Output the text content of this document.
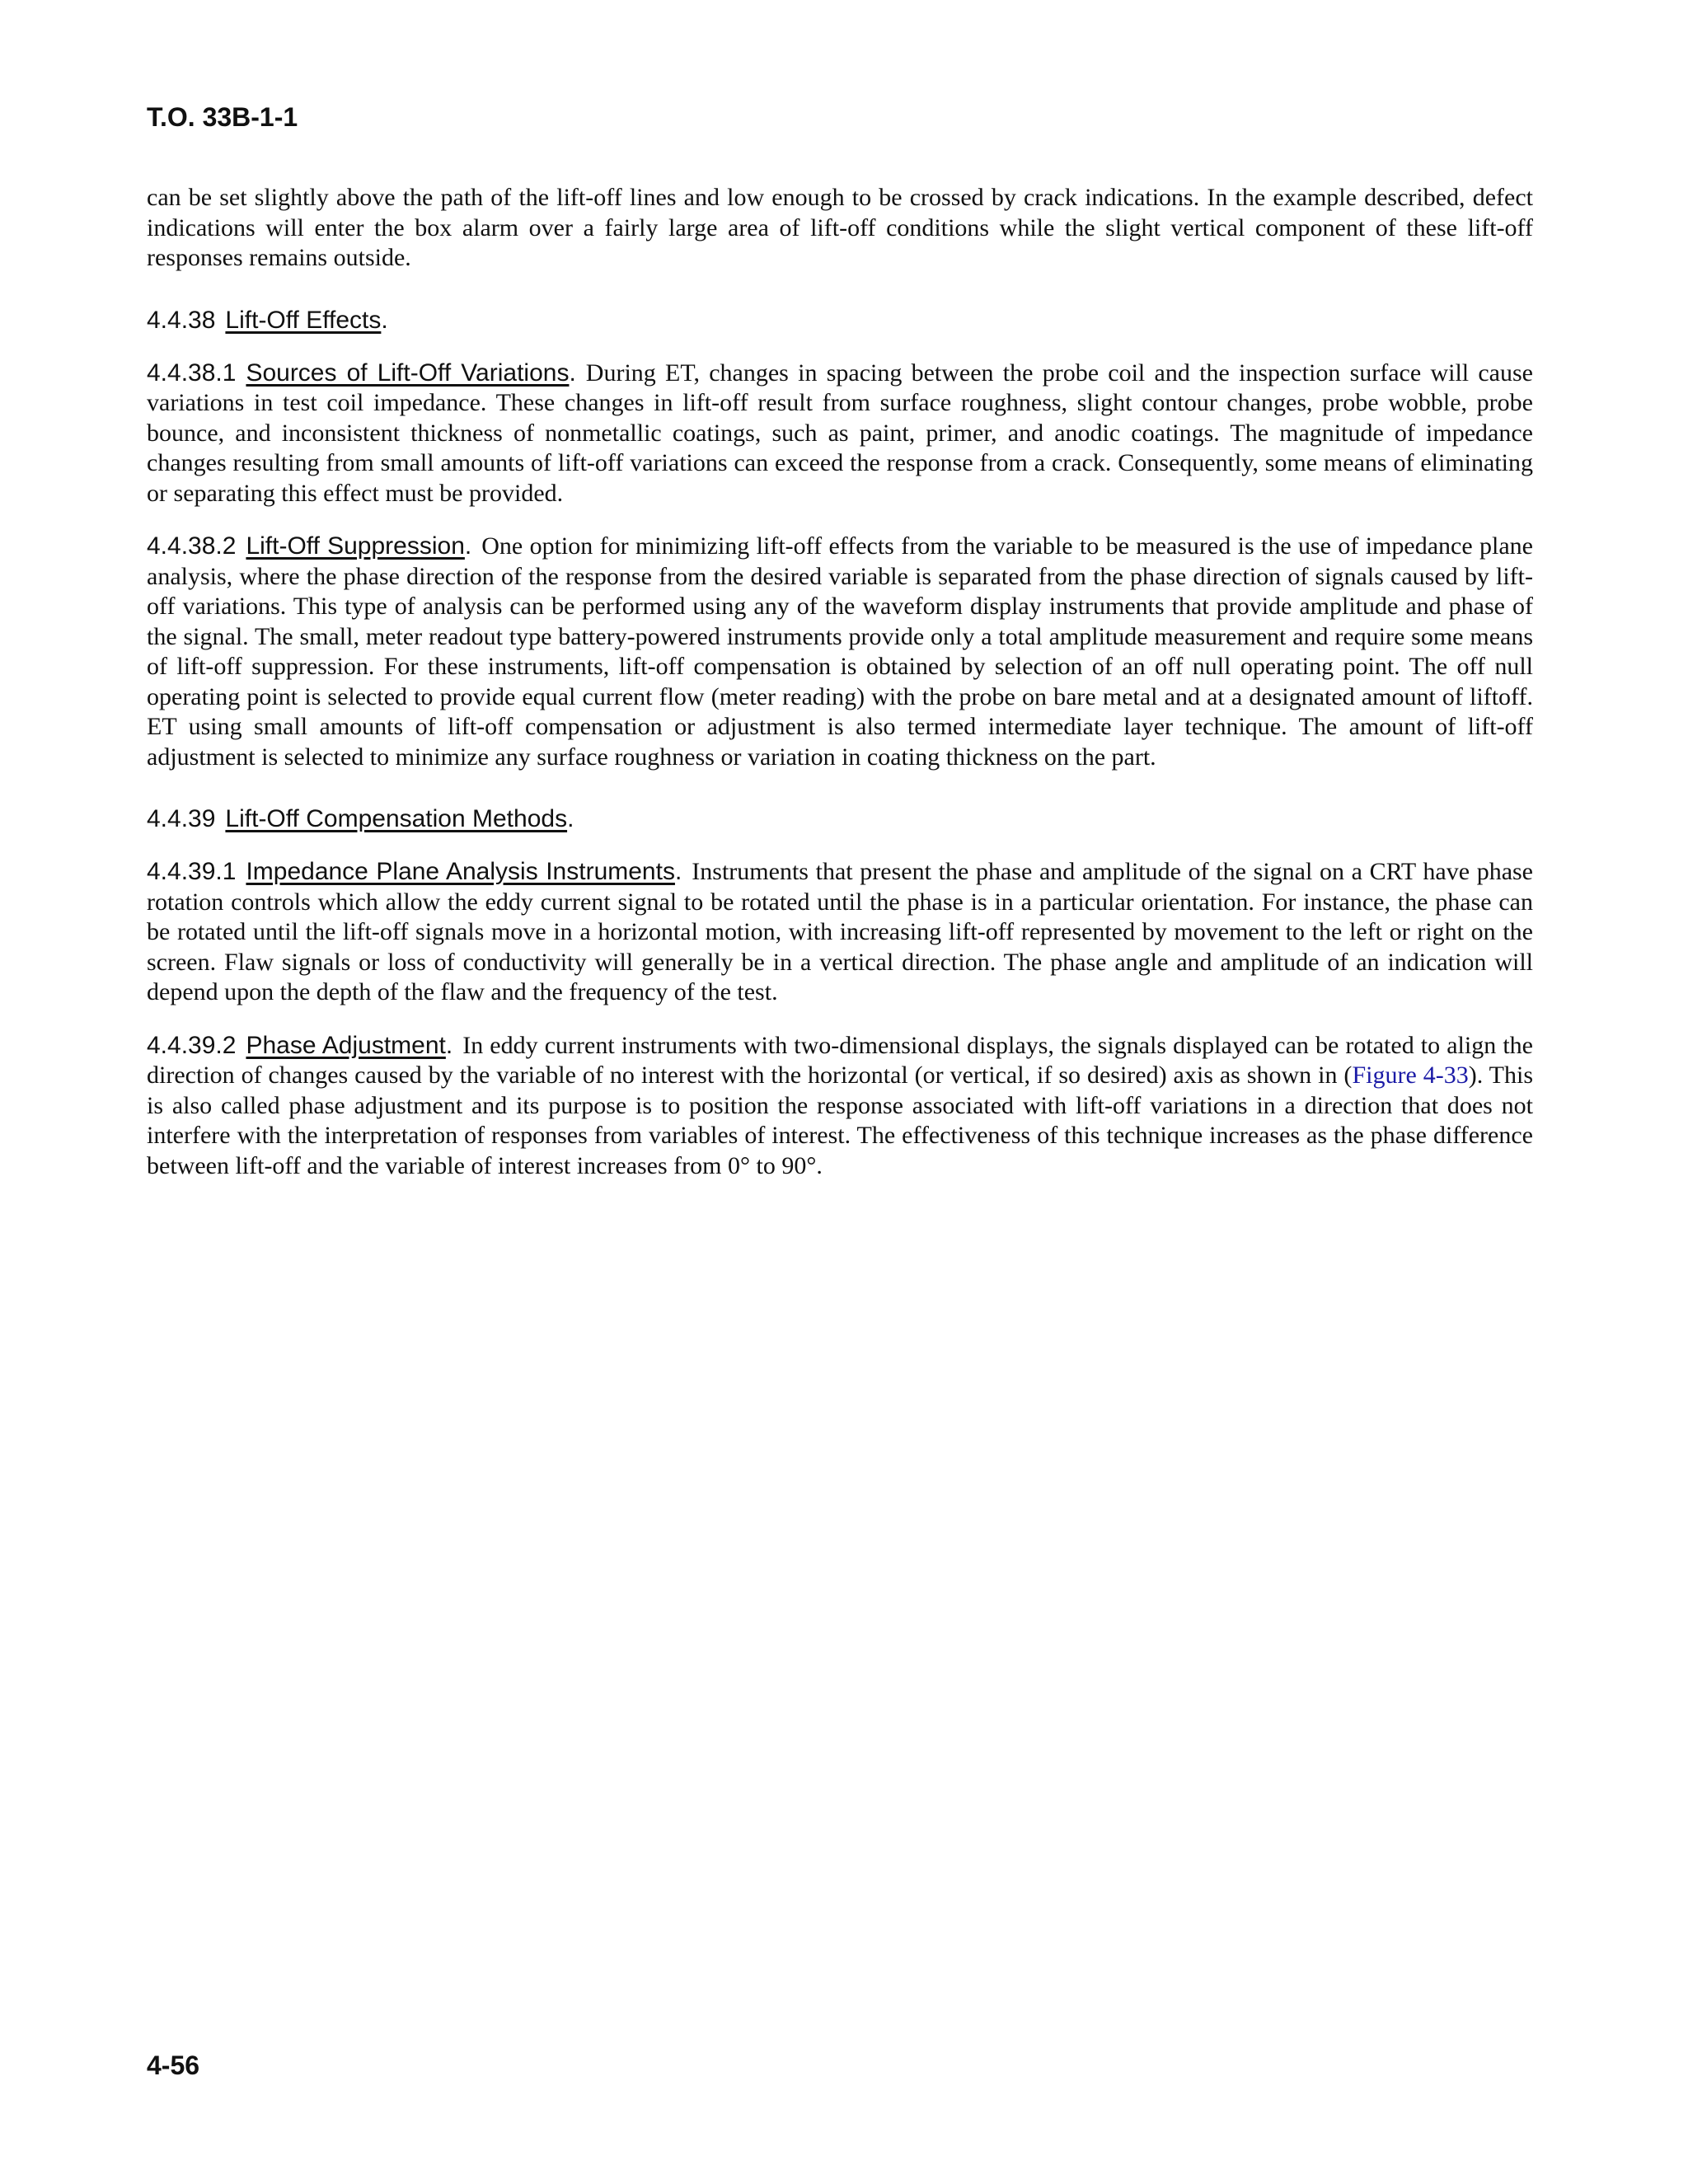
T.O. 33B-1-1

can be set slightly above the path of the lift-off lines and low enough to be crossed by crack indications. In the example described, defect indications will enter the box alarm over a fairly large area of lift-off conditions while the slight vertical component of these lift-off responses remains outside.

4.4.38 Lift-Off Effects.

4.4.38.1 Sources of Lift-Off Variations. During ET, changes in spacing between the probe coil and the inspection surface will cause variations in test coil impedance. These changes in lift-off result from surface roughness, slight contour changes, probe wobble, probe bounce, and inconsistent thickness of nonmetallic coatings, such as paint, primer, and anodic coatings. The magnitude of impedance changes resulting from small amounts of lift-off variations can exceed the response from a crack. Consequently, some means of eliminating or separating this effect must be provided.

4.4.38.2 Lift-Off Suppression. One option for minimizing lift-off effects from the variable to be measured is the use of impedance plane analysis, where the phase direction of the response from the desired variable is separated from the phase direction of signals caused by lift-off variations. This type of analysis can be performed using any of the waveform display instruments that provide amplitude and phase of the signal. The small, meter readout type battery-powered instruments provide only a total amplitude measurement and require some means of lift-off suppression. For these instruments, lift-off compensation is obtained by selection of an off null operating point. The off null operating point is selected to provide equal current flow (meter reading) with the probe on bare metal and at a designated amount of liftoff. ET using small amounts of lift-off compensation or adjustment is also termed intermediate layer technique. The amount of lift-off adjustment is selected to minimize any surface roughness or variation in coating thickness on the part.

4.4.39 Lift-Off Compensation Methods.

4.4.39.1 Impedance Plane Analysis Instruments. Instruments that present the phase and amplitude of the signal on a CRT have phase rotation controls which allow the eddy current signal to be rotated until the phase is in a particular orientation. For instance, the phase can be rotated until the lift-off signals move in a horizontal motion, with increasing lift-off represented by movement to the left or right on the screen. Flaw signals or loss of conductivity will generally be in a vertical direction. The phase angle and amplitude of an indication will depend upon the depth of the flaw and the frequency of the test.

4.4.39.2 Phase Adjustment. In eddy current instruments with two-dimensional displays, the signals displayed can be rotated to align the direction of changes caused by the variable of no interest with the horizontal (or vertical, if so desired) axis as shown in (Figure 4-33). This is also called phase adjustment and its purpose is to position the response associated with lift-off variations in a direction that does not interfere with the interpretation of responses from variables of interest. The effectiveness of this technique increases as the phase difference between lift-off and the variable of interest increases from 0° to 90°.

4-56
